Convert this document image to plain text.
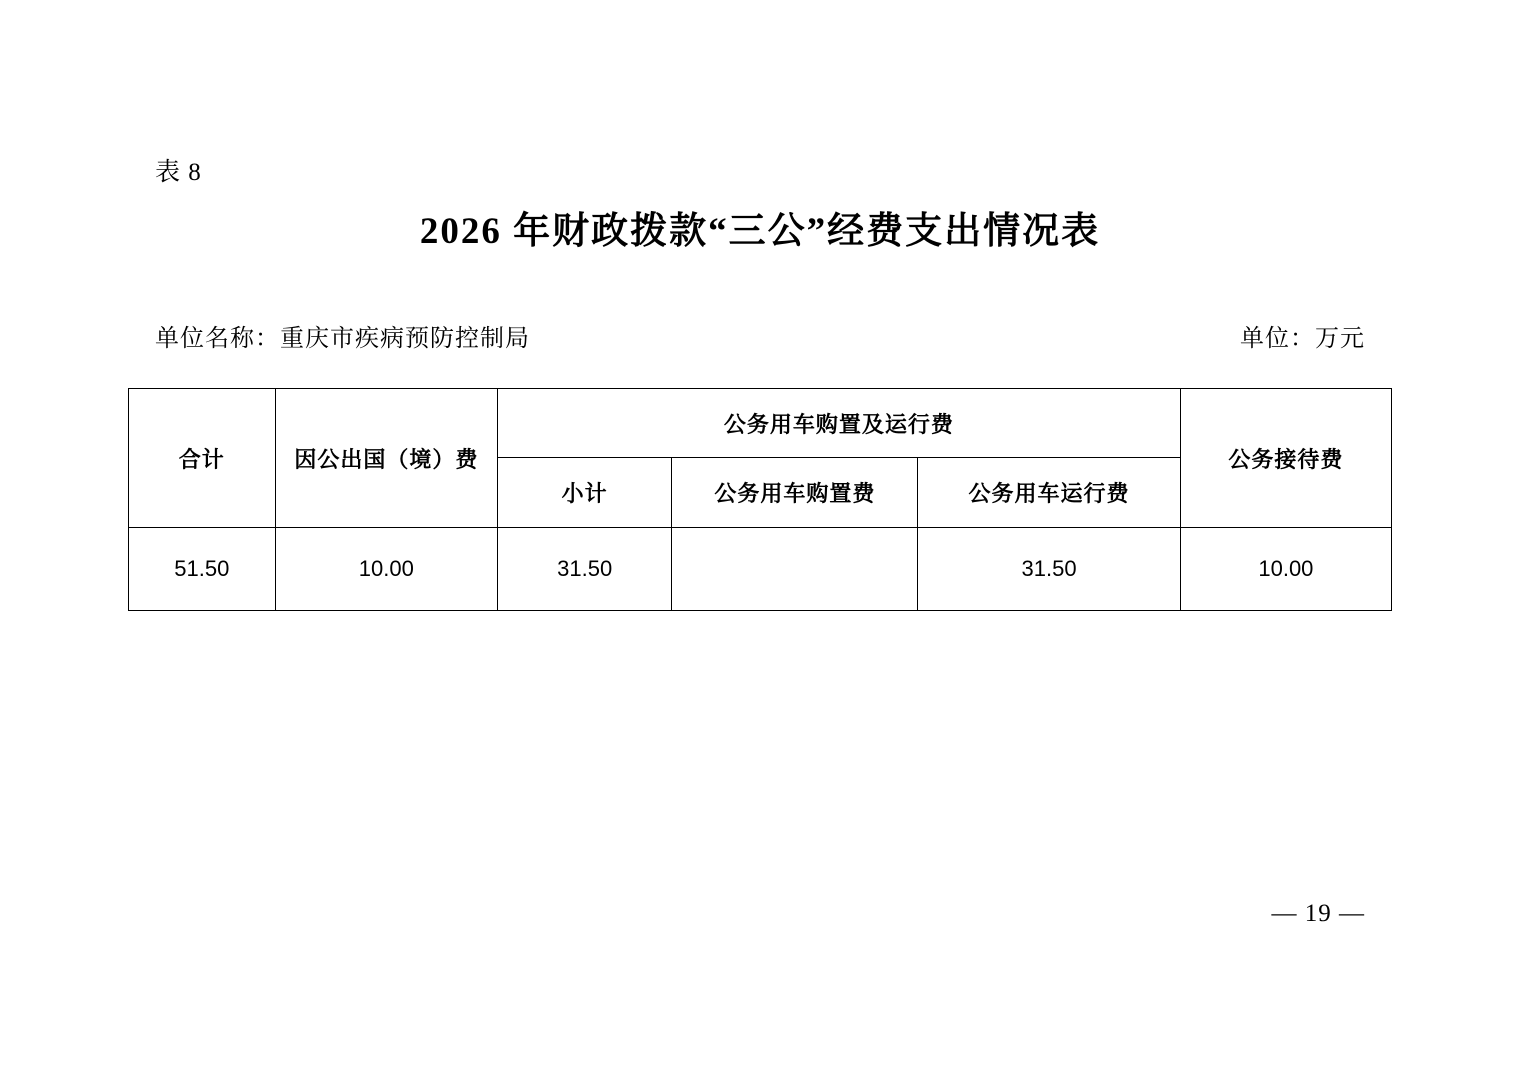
表 8
2026 年财政拨款“三公”经费支出情况表
单位名称：重庆市疾病预防控制局	单位：万元
合计	因公出国（境）费	公务用车购置及运行费			公务接待费
		小计	公务用车购置费	公务用车运行费	
51.50	10.00	31.50		31.50	10.00
— 19 —
